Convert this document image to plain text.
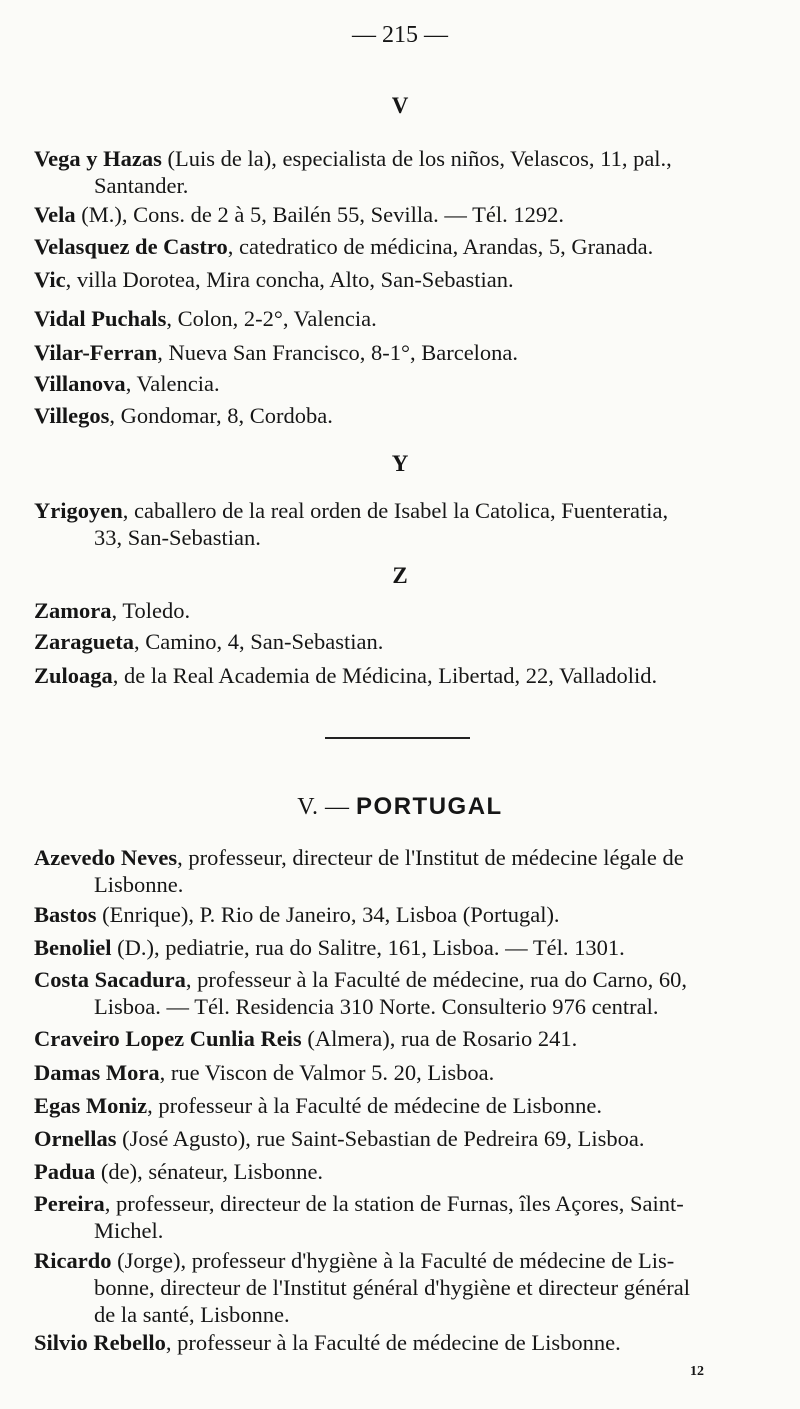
— 215 —
V
Vega y Hazas (Luis de la), especialista de los niños, Velascos, 11, pal.,
Santander.
Vela (M.), Cons. de 2 à 5, Bailén 55, Sevilla. — Tél. 1292.
Velasquez de Castro, catedratico de médicina, Arandas, 5, Granada.
Vic, villa Dorotea, Mira concha, Alto, San-Sebastian.
Vidal Puchals, Colon, 2-2°, Valencia.
Vilar-Ferran, Nueva San Francisco, 8-1°, Barcelona.
Villanova, Valencia.
Villegos, Gondomar, 8, Cordoba.
Y
Yrigoyen, caballero de la real orden de Isabel la Catolica, Fuenteratia,
33, San-Sebastian.
Z
Zamora, Toledo.
Zaragueta, Camino, 4, San-Sebastian.
Zuloaga, de la Real Academia de Médicina, Libertad, 22, Valladolid.
V. — PORTUGAL
Azevedo Neves, professeur, directeur de l'Institut de médecine légale de
Lisbonne.
Bastos (Enrique), P. Rio de Janeiro, 34, Lisboa (Portugal).
Benoliel (D.), pediatrie, rua do Salitre, 161, Lisboa. — Tél. 1301.
Costa Sacadura, professeur à la Faculté de médecine, rua do Carno, 60,
Lisboa. — Tél. Residencia 310 Norte. Consulterio 976 central.
Craveiro Lopez Cunlia Reis (Almera), rua de Rosario 241.
Damas Mora, rue Viscon de Valmor 5. 20, Lisboa.
Egas Moniz, professeur à la Faculté de médecine de Lisbonne.
Ornellas (José Agusto), rue Saint-Sebastian de Pedreira 69, Lisboa.
Padua (de), sénateur, Lisbonne.
Pereira, professeur, directeur de la station de Furnas, îles Açores, Saint-
Michel.
Ricardo (Jorge), professeur d'hygiène à la Faculté de médecine de Lis-
bonne, directeur de l'Institut général d'hygiène et directeur général
de la santé, Lisbonne.
Silvio Rebello, professeur à la Faculté de médecine de Lisbonne.
12
